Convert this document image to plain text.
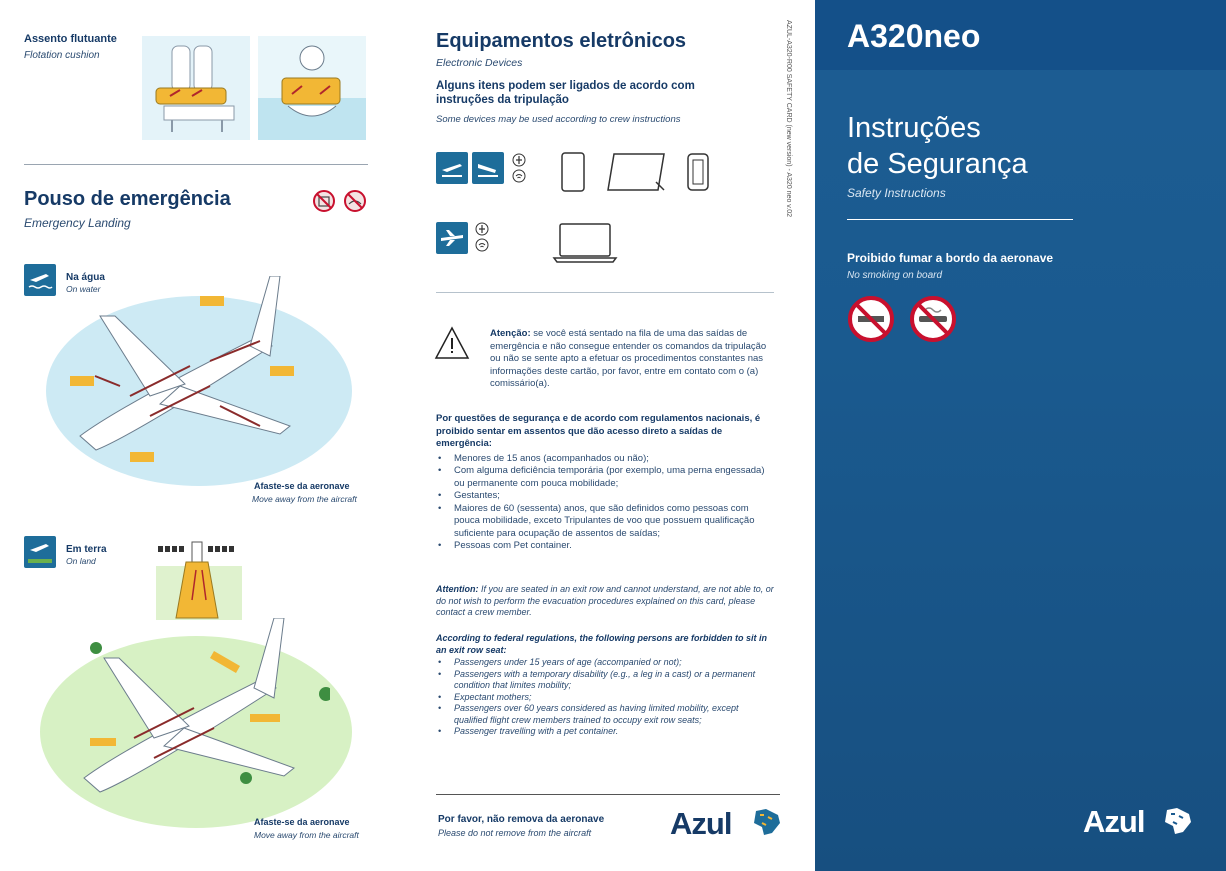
Assento flutuante
Flotation cushion
Pouso de emergência
Emergency Landing
Na água
On water
Afaste-se da aeronave
Move away from the aircraft
Em terra
On land
Afaste-se da aeronave
Move away from the aircraft
Equipamentos eletrônicos
Electronic Devices
Alguns itens podem ser ligados de acordo com instruções da tripulação
Some devices may be used according to crew instructions
Atenção: se você está sentado na fila de uma das saídas de emergência e não consegue entender os comandos da tripulação ou não se sente apto a efetuar os procedimentos constantes nas informações deste cartão, por favor, entre em contato com o (a) comissário(a).
Por questões de segurança e de acordo com regulamentos nacionais, é proibido sentar em assentos que dão acesso direto a saídas de emergência:
• Menores de 15 anos (acompanhados ou não);
• Com alguma deficiência temporária (por exemplo, uma perna engessada) ou permanente com pouca mobilidade;
• Gestantes;
• Maiores de 60 (sessenta) anos, que são definidos como pessoas com pouca mobilidade, exceto Tripulantes de voo que possuem qualificação suficiente para ocupação de assentos de saídas;
• Pessoas com Pet container.
Attention: If you are seated in an exit row and cannot understand, are not able to, or do not wish to perform the evacuation procedures explained on this card, please contact a crew member.
According to federal regulations, the following persons are forbidden to sit in an exit row seat:
• Passengers under 15 years of age (accompanied or not);
• Passengers with a temporary disability (e.g., a leg in a cast) or a permanent condition that limites mobility;
• Expectant mothers;
• Passengers over 60 years considered as having limited mobility, except qualified flight crew members trained to occupy exit row seats;
• Passenger travelling with a pet container.
Por favor, não remova da aeronave
Please do not remove from the aircraft	Azul
AZUL-A320-R00 SAFETY CARD (new version) - A320 neo v.02 A320neo
Instruções
de Segurança
Safety Instructions
Proibido fumar a bordo da aeronave
No smoking on board
Azul
